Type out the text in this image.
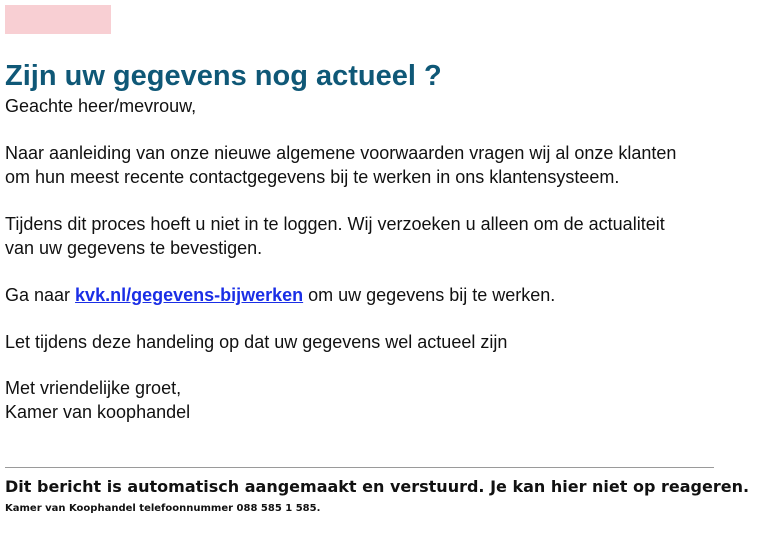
Zijn uw gegevens nog actueel ?

Geachte heer/mevrouw,

Naar aanleiding van onze nieuwe algemene voorwaarden vragen wij al onze klanten

om hun meest recente contactgegevens bij te werken in ons klantensysteem.

Tijdens dit proces hoeft u niet in te loggen. Wij verzoeken u alleen om de actualiteit

van uw gegevens te bevestigen.

Ga naar kvk.nl/gegevens-bijwerken om uw gegevens bij te werken.

Let tijdens deze handeling op dat uw gegevens wel actueel zijn

Met vriendelijke groet,

Kamer van koophandel

Dit bericht is automatisch aangemaakt en verstuurd. Je kan hier niet op reageren.
Kamer van Koophandel telefoonnummer 088 585 1 585.
